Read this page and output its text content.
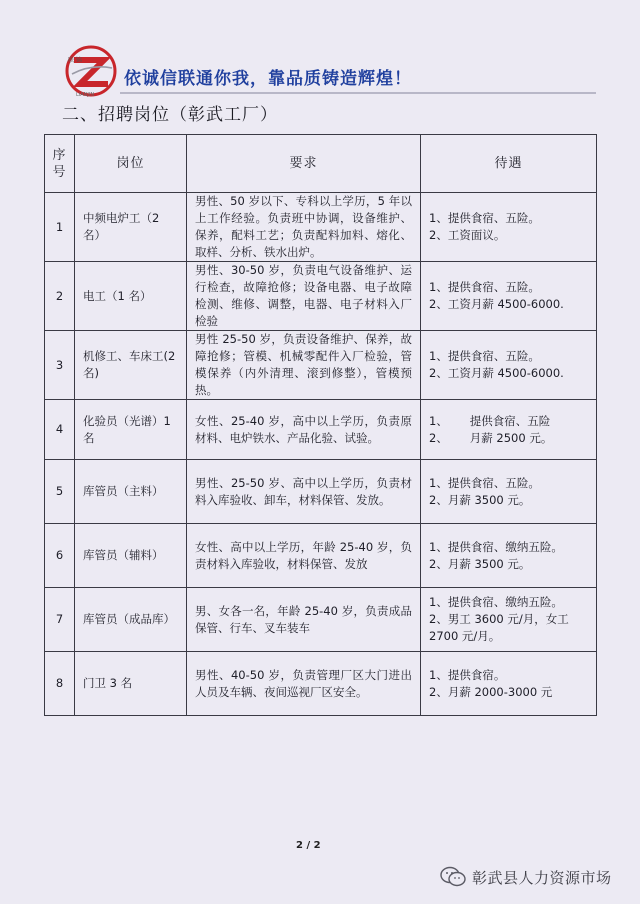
联 锦
LIANJIN
依诚信联通你我，靠品质铸造辉煌！
二、招聘岗位（彰武工厂）
序
号	岗位	要求	待遇
1	中频电炉工（2 名）	男性、50 岁以下、专科以上学历，5 年以上工作经验。负责班中协调，设备维护、保养，配料工艺；负责配料加料、熔化、取样、分析、铁水出炉。	1、提供食宿、五险。
2、工资面议。

2	电工（1 名）	男性、30-50 岁，负责电气设备维护、运行检查，故障抢修；设备电器、电子故障检测、维修、调整，电器、电子材料入厂检验	1、提供食宿、五险。
2、工资月薪 4500-6000.

3	机修工、车床工(2名)	男性 25-50 岁，负责设备维护、保养，故障抢修；管模、机械零配件入厂检验，管模保养（内外清理、滚到修整），管模预热。	1、提供食宿、五险。
2、工资月薪 4500-6000.

4	化验员（光谱）1 名	女性、25-40 岁，高中以上学历，负责原材料、电炉铁水、产品化验、试验。	1、      提供食宿、五险
2、      月薪 2500 元。

5	库管员（主料）	男性、25-50 岁、高中以上学历，负责材料入库验收、卸车，材料保管、发放。	1、提供食宿、五险。
2、月薪 3500 元。

6	库管员（辅料）	女性、高中以上学历，年龄 25-40 岁，负责材料入库验收，材料保管、发放	1、提供食宿、缴纳五险。
2、月薪 3500 元。

7	库管员（成品库）	男、女各一名，年龄 25-40 岁，负责成品保管、行车、叉车装车	1、提供食宿、缴纳五险。
2、男工 3600 元/月，女工 2700 元/月。

8	门卫 3 名	男性、40-50 岁，负责管理厂区大门进出人员及车辆、夜间巡视厂区安全。	1、提供食宿。
2、月薪 2000-3000 元
2 / 2
彰武县人力资源市场
